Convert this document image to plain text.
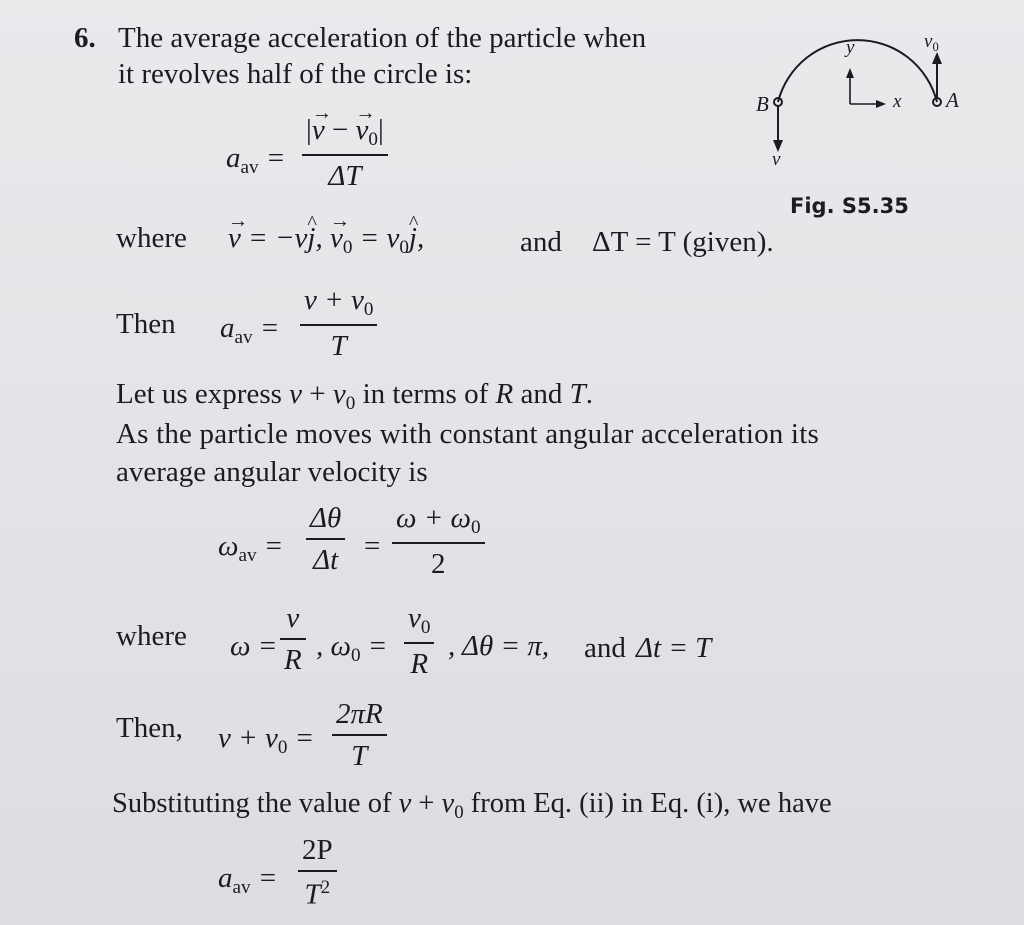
6. The average acceleration of the particle when
it revolves half of the circle is:
$a_{av}$ =
|→ v − → $v_0|$
ΔT
where
→ v = −v^ j, → $v_0$ = $v_0\^{}$ j,	and ΔT = T (given).
Then $a_{av}$ =
$v + v_0$
T
Let us express $v + v_0$ in terms of R and T.
As the particle moves with constant angular acceleration its
average angular velocity is
$\omega_{av}$ =
Δθ
Δt =
$\omega + \omega_0$
2
where ω =
v
R , $\omega_0$ =
$v_0$
R
, Δθ = π, and Δt = T
Then, $v + v_0$ =
2πR
T
Substituting the value of $v + v_0$ from Eq. (ii) in Eq. (i), we have
$a_{av}$ =
2P
$T^2$
y
x
$v_0$
v
A
B
Fig. S5.35
